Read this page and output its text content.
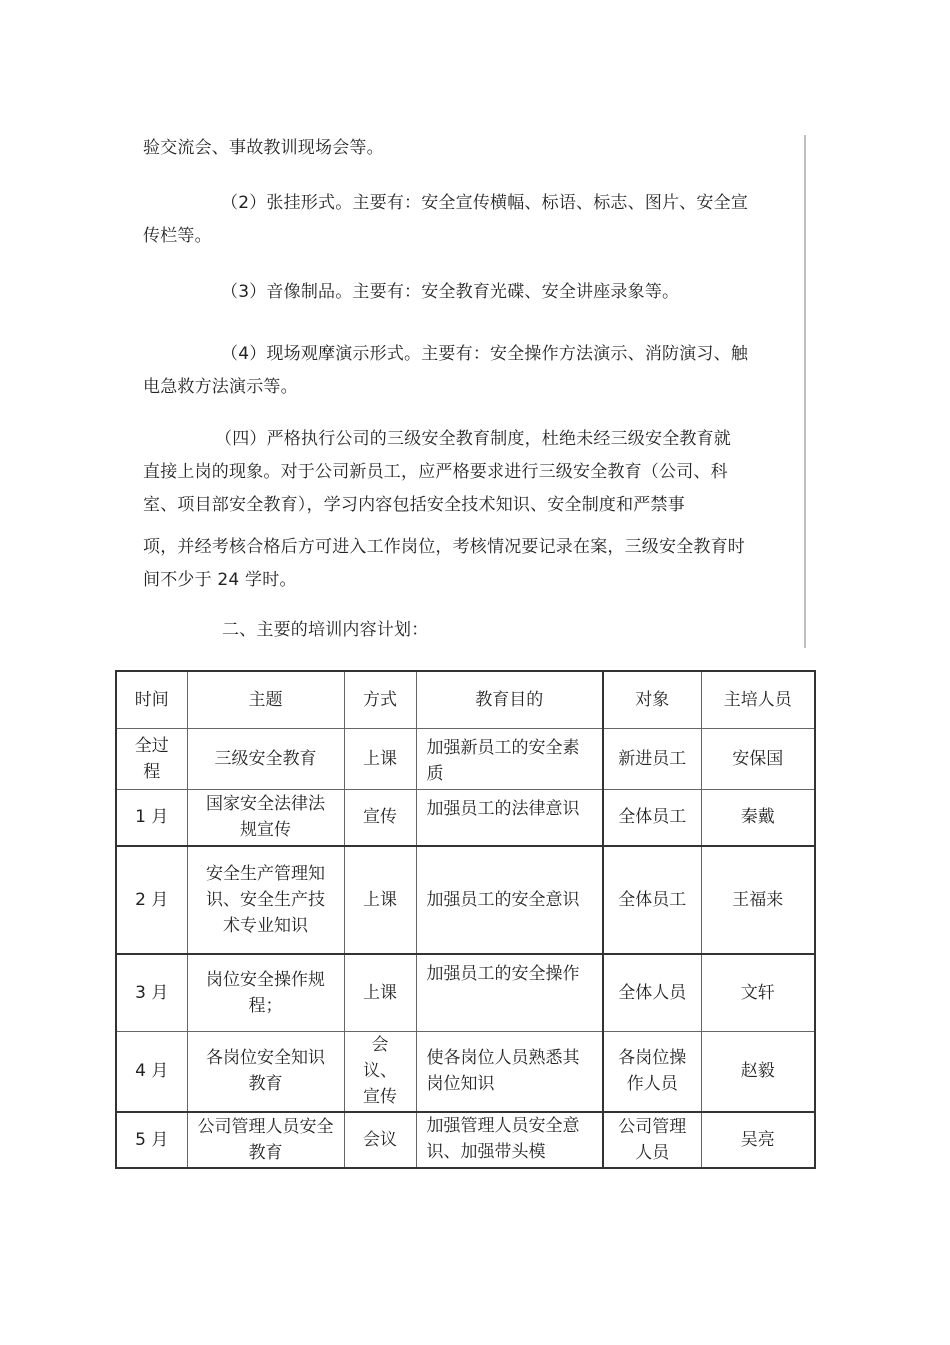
验交流会、事故教训现场会等。

（2）张挂形式。主要有：安全宣传横幅、标语、标志、图片、安全宣传栏等。

（3）音像制品。主要有：安全教育光碟、安全讲座录象等。

（4）现场观摩演示形式。主要有：安全操作方法演示、消防演习、触电急救方法演示等。

（四）严格执行公司的三级安全教育制度，杜绝未经三级安全教育就直接上岗的现象。对于公司新员工，应严格要求进行三级安全教育（公司、科室、项目部安全教育），学习内容包括安全技术知识、安全制度和严禁事

项，并经考核合格后方可进入工作岗位，考核情况要记录在案，三级安全教育时间不少于 24 学时。

二、主要的培训内容计划：

时间	主题	方式	教育目的	对象	主培人员
全过程	三级安全教育	上课	加强新员工的安全素质	新进员工	安保国
1 月	国家安全法律法规宣传	宣传	加强员工的法律意识	全体员工	秦戴
2 月	安全生产管理知识、安全生产技术专业知识	上课	加强员工的安全意识	全体员工	王福来
3 月	岗位安全操作规程；	上课	加强员工的安全操作	全体人员	文轩
4 月	各岗位安全知识教育	会议、宣传	使各岗位人员熟悉其岗位知识	各岗位操作人员	赵毅
5 月	公司管理人员安全教育	会议	加强管理人员安全意识、加强带头模	公司管理人员	吴亮
